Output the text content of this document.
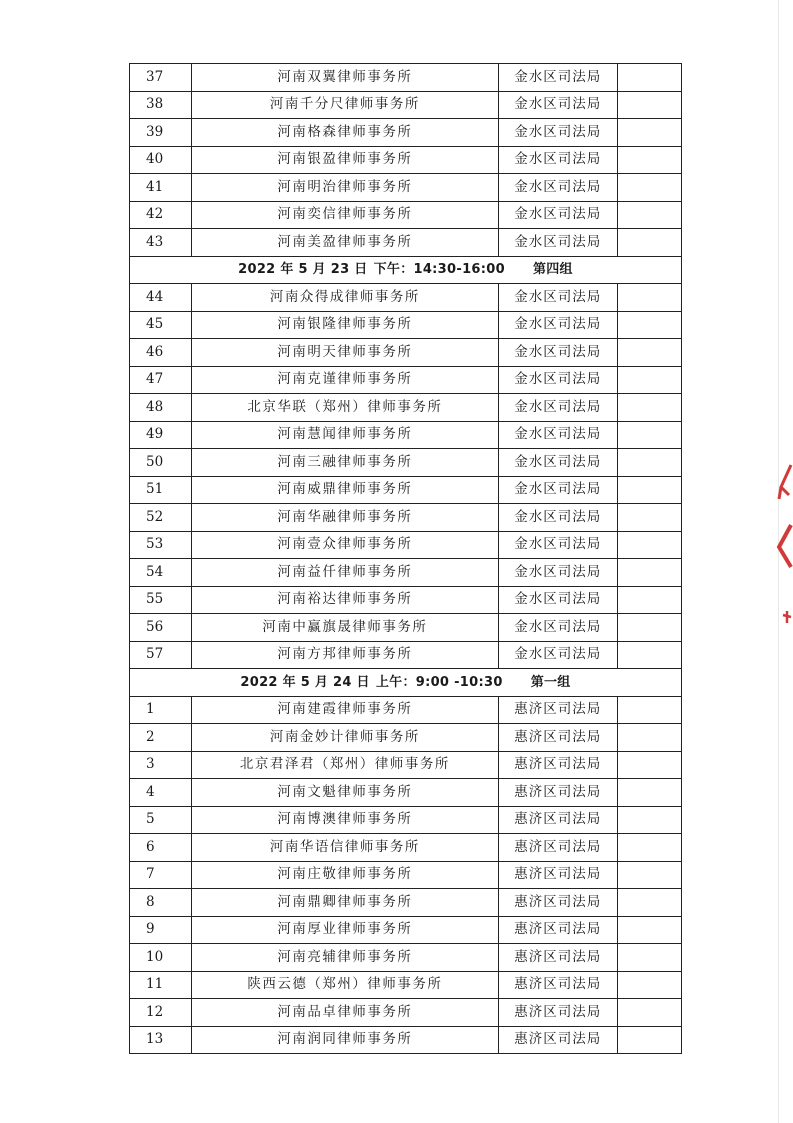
37	河南双翼律师事务所	金水区司法局	
38	河南千分尺律师事务所	金水区司法局	
39	河南格森律师事务所	金水区司法局	
40	河南银盈律师事务所	金水区司法局	
41	河南明治律师事务所	金水区司法局	
42	河南奕信律师事务所	金水区司法局	
43	河南美盈律师事务所	金水区司法局	
2022 年 5 月 23 日 下午：14:30-16:00 第四组			
44	河南众得成律师事务所	金水区司法局	
45	河南银隆律师事务所	金水区司法局	
46	河南明天律师事务所	金水区司法局	
47	河南克谨律师事务所	金水区司法局	
48	北京华联（郑州）律师事务所	金水区司法局	
49	河南慧闻律师事务所	金水区司法局	
50	河南三融律师事务所	金水区司法局	
51	河南威鼎律师事务所	金水区司法局	
52	河南华融律师事务所	金水区司法局	
53	河南壹众律师事务所	金水区司法局	
54	河南益仟律师事务所	金水区司法局	
55	河南裕达律师事务所	金水区司法局	
56	河南中赢旗晟律师事务所	金水区司法局	
57	河南方邦律师事务所	金水区司法局	
2022 年 5 月 24 日 上午：9:00 -10:30 第一组			
1	河南建霞律师事务所	惠济区司法局	
2	河南金妙计律师事务所	惠济区司法局	
3	北京君泽君（郑州）律师事务所	惠济区司法局	
4	河南文魁律师事务所	惠济区司法局	
5	河南博澳律师事务所	惠济区司法局	
6	河南华语信律师事务所	惠济区司法局	
7	河南庄敬律师事务所	惠济区司法局	
8	河南鼎卿律师事务所	惠济区司法局	
9	河南厚业律师事务所	惠济区司法局	
10	河南亮辅律师事务所	惠济区司法局	
11	陕西云德（郑州）律师事务所	惠济区司法局	
12	河南品卓律师事务所	惠济区司法局	
13	河南润同律师事务所	惠济区司法局	
